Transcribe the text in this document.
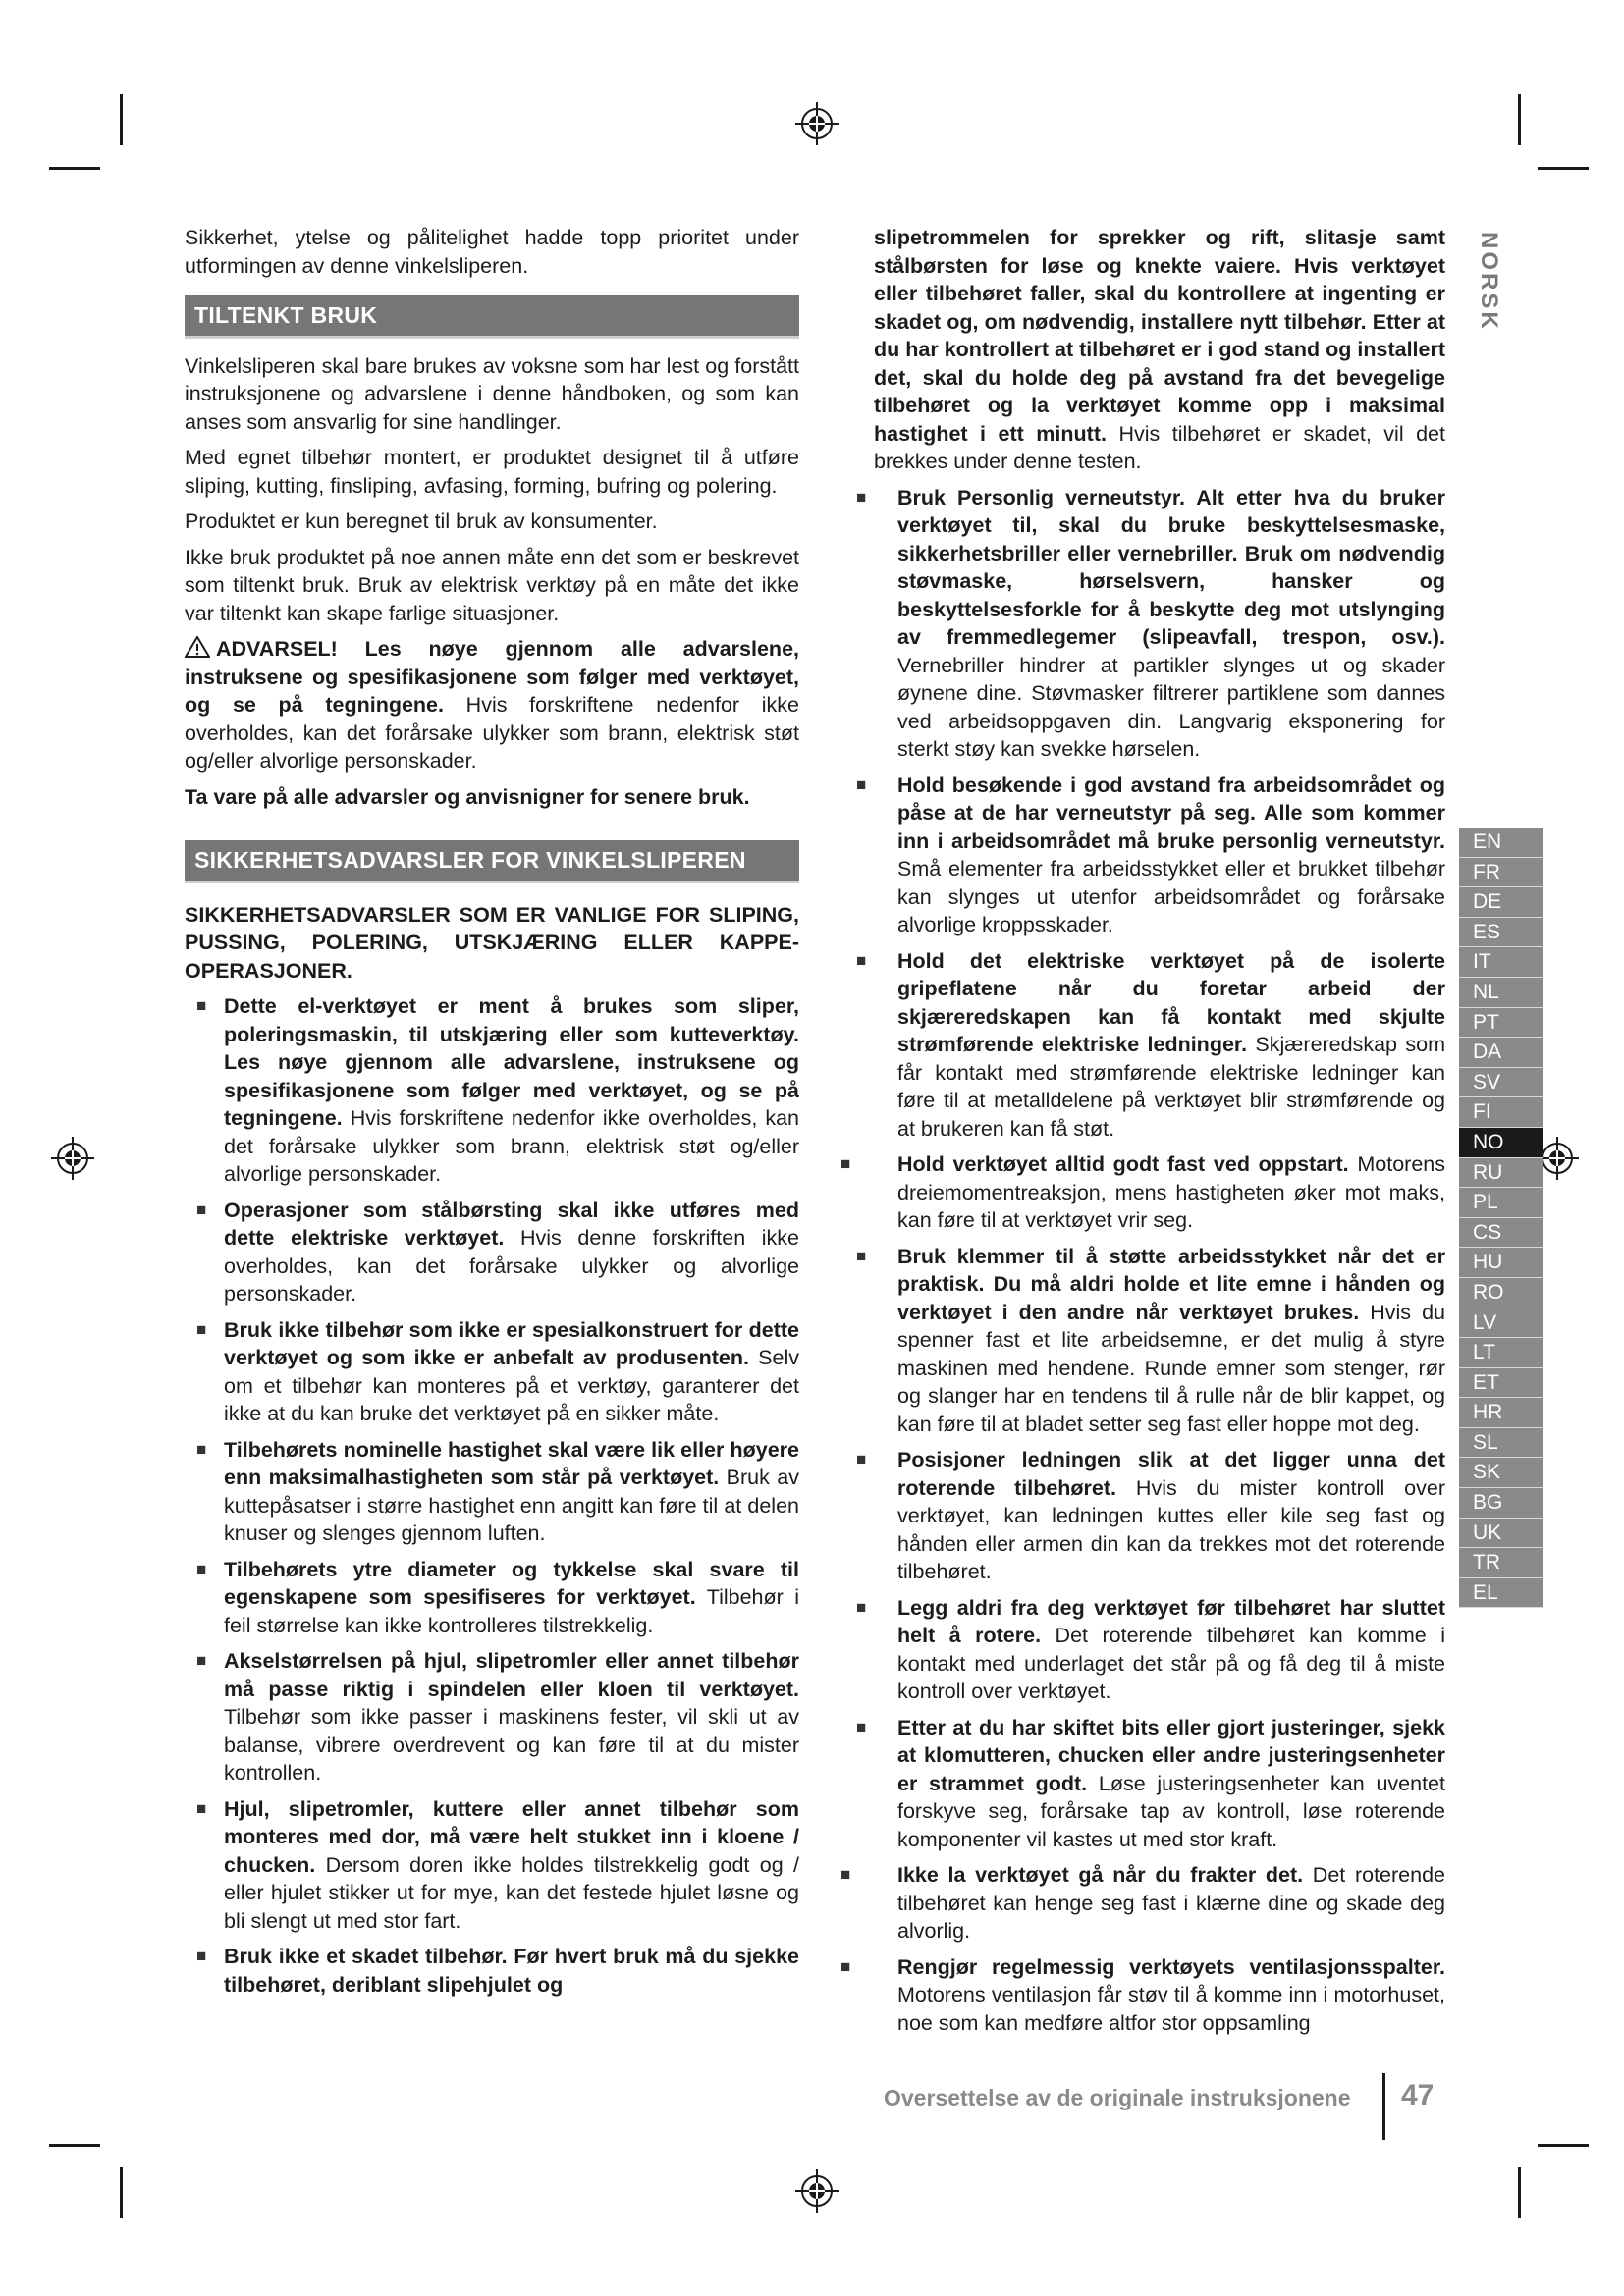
Sikkerhet, ytelse og pålitelighet hadde topp prioritet under utformingen av denne vinkelsliperen.

TILTENKT BRUK

Vinkelsliperen skal bare brukes av voksne som har lest og forstått instruksjonene og advarslene i denne håndboken, og som kan anses som ansvarlig for sine handlinger.

Med egnet tilbehør montert, er produktet designet til å utføre sliping, kutting, finsliping, avfasing, forming, bufring og polering.

Produktet er kun beregnet til bruk av konsumenter.

Ikke bruk produktet på noe annen måte enn det som er beskrevet som tiltenkt bruk. Bruk av elektrisk verktøy på en måte det ikke var tiltenkt kan skape farlige situasjoner.

ADVARSEL! Les nøye gjennom alle advarslene, instruksene og spesifikasjonene som følger med verktøyet, og se på tegningene. Hvis forskriftene nedenfor ikke overholdes, kan det forårsake ulykker som brann, elektrisk støt og/eller alvorlige personskader.

Ta vare på alle advarsler og anvisnigner for senere bruk.

SIKKERHETSADVARSLER FOR VINKELSLIPEREN

SIKKERHETSADVARSLER SOM ER VANLIGE FOR SLIPING, PUSSING, POLERING, UTSKJÆRING ELLER KAPPE-OPERASJONER.

■ Dette el-verktøyet er ment å brukes som sliper, poleringsmaskin, til utskjæring eller som kutteverktøy. Les nøye gjennom alle advarslene, instruksene og spesifikasjonene som følger med verktøyet, og se på tegningene. Hvis forskriftene nedenfor ikke overholdes, kan det forårsake ulykker som brann, elektrisk støt og/eller alvorlige personskader.
■ Operasjoner som stålbørsting skal ikke utføres med dette elektriske verktøyet. Hvis denne forskriften ikke overholdes, kan det forårsake ulykker og alvorlige personskader.
■ Bruk ikke tilbehør som ikke er spesialkonstruert for dette verktøyet og som ikke er anbefalt av produsenten. Selv om et tilbehør kan monteres på et verktøy, garanterer det ikke at du kan bruke det verktøyet på en sikker måte.
■ Tilbehørets nominelle hastighet skal være lik eller høyere enn maksimalhastigheten som står på verktøyet. Bruk av kuttepåsatser i større hastighet enn angitt kan føre til at delen knuser og slenges gjennom luften.
■ Tilbehørets ytre diameter og tykkelse skal svare til egenskapene som spesifiseres for verktøyet. Tilbehør i feil størrelse kan ikke kontrolleres tilstrekkelig.
■ Akselstørrelsen på hjul, slipetromler eller annet tilbehør må passe riktig i spindelen eller kloen til verktøyet. Tilbehør som ikke passer i maskinens fester, vil skli ut av balanse, vibrere overdrevent og kan føre til at du mister kontrollen.
■ Hjul, slipetromler, kuttere eller annet tilbehør som monteres med dor, må være helt stukket inn i kloene / chucken. Dersom doren ikke holdes tilstrekkelig godt og / eller hjulet stikker ut for mye, kan det festede hjulet løsne og bli slengt ut med stor fart.
■ Bruk ikke et skadet tilbehør. Før hvert bruk må du sjekke tilbehøret, deriblant slipehjulet og

slipetrommelen for sprekker og rift, slitasje samt stålbørsten for løse og knekte vaiere. Hvis verktøyet eller tilbehøret faller, skal du kontrollere at ingenting er skadet og, om nødvendig, installere nytt tilbehør. Etter at du har kontrollert at tilbehøret er i god stand og installert det, skal du holde deg på avstand fra det bevegelige tilbehøret og la verktøyet komme opp i maksimal hastighet i ett minutt. Hvis tilbehøret er skadet, vil det brekkes under denne testen.

■ Bruk Personlig verneutstyr. Alt etter hva du bruker verktøyet til, skal du bruke beskyttelsesmaske, sikkerhetsbriller eller vernebriller. Bruk om nødvendig støvmaske, hørselsvern, hansker og beskyttelsesforkle for å beskytte deg mot utslynging av fremmedlegemer (slipeavfall, trespon, osv.). Vernebriller hindrer at partikler slynges ut og skader øynene dine. Støvmasker filtrerer partiklene som dannes ved arbeidsoppgaven din. Langvarig eksponering for sterkt støy kan svekke hørselen.
■ Hold besøkende i god avstand fra arbeidsområdet og påse at de har verneutstyr på seg. Alle som kommer inn i arbeidsområdet må bruke personlig verneutstyr. Små elementer fra arbeidsstykket eller et brukket tilbehør kan slynges ut utenfor arbeidsområdet og forårsake alvorlige kroppsskader.
■ Hold det elektriske verktøyet på de isolerte gripeflatene når du foretar arbeid der skjæreredskapen kan få kontakt med skjulte strømførende elektriske ledninger. Skjæreredskap som får kontakt med strømførende elektriske ledninger kan føre til at metalldelene på verktøyet blir strømførende og at brukeren kan få støt.
■ Hold verktøyet alltid godt fast ved oppstart. Motorens dreiemomentreaksjon, mens hastigheten øker mot maks, kan føre til at verktøyet vrir seg.
■ Bruk klemmer til å støtte arbeidsstykket når det er praktisk. Du må aldri holde et lite emne i hånden og verktøyet i den andre når verktøyet brukes. Hvis du spenner fast et lite arbeidsemne, er det mulig å styre maskinen med hendene. Runde emner som stenger, rør og slanger har en tendens til å rulle når de blir kappet, og kan føre til at bladet setter seg fast eller hoppe mot deg.
■ Posisjoner ledningen slik at det ligger unna det roterende tilbehøret. Hvis du mister kontroll over verktøyet, kan ledningen kuttes eller kile seg fast og hånden eller armen din kan da trekkes mot det roterende tilbehøret.
■ Legg aldri fra deg verktøyet før tilbehøret har sluttet helt å rotere. Det roterende tilbehøret kan komme i kontakt med underlaget det står på og få deg til å miste kontroll over verktøyet.
■ Etter at du har skiftet bits eller gjort justeringer, sjekk at klomutteren, chucken eller andre justeringsenheter er strammet godt. Løse justeringsenheter kan uventet forskyve seg, forårsake tap av kontroll, løse roterende komponenter vil kastes ut med stor kraft.
■ Ikke la verktøyet gå når du frakter det. Det roterende tilbehøret kan henge seg fast i klærne dine og skade deg alvorlig.
■ Rengjør regelmessig verktøyets ventilasjonsspalter. Motorens ventilasjon får støv til å komme inn i motorhuset, noe som kan medføre altfor stor oppsamling
NORSK
EN
FR
DE
ES
IT
NL
PT
DA
SV
FI
NO
RU
PL
CS
HU
RO
LV
LT
ET
HR
SL
SK
BG
UK
TR
EL
Oversettelse av de originale instruksjonene 47
